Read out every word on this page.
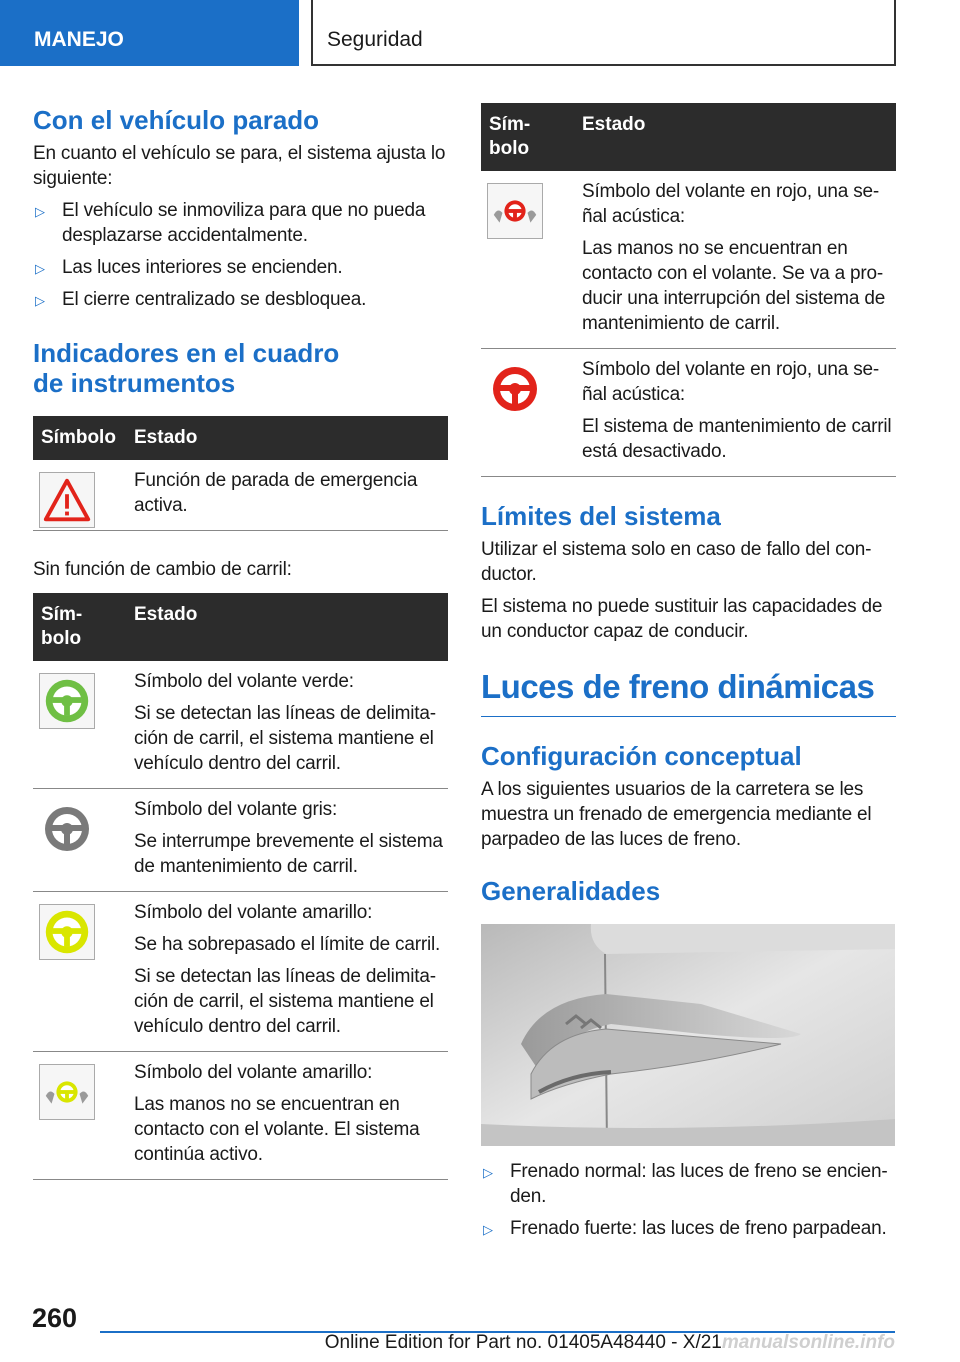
MANEJO	Seguridad
Con el vehículo parado

En cuanto el vehículo se para, el sistema ajusta lo siguiente:

▷ El vehículo se inmoviliza para que no pueda desplazarse accidentalmente.
▷ Las luces interiores se encienden.
▷ El cierre centralizado se desbloquea.
Indicadores en el cuadro
de instrumentos
Símbolo	Estado

Función de parada de emergencia activa.

Sin función de cambio de carril:

Sím-
bolo	Estado

Símbolo del volante verde:

Si se detectan las líneas de delimitación de carril, el sistema mantiene el vehículo dentro del carril.

Símbolo del volante gris:

Se interrumpe brevemente el sistema de mantenimiento de carril.

Símbolo del volante amarillo:

Se ha sobrepasado el límite de carril.

Si se detectan las líneas de delimitación de carril, el sistema mantiene el vehículo dentro del carril.

Símbolo del volante amarillo:

Las manos no se encuentran en contacto con el volante. El sistema continúa activo.

Sím-
bolo	Estado

Símbolo del volante en rojo, una señal acústica:

Las manos no se encuentran en contacto con el volante. Se va a producir una interrupción del sistema de mantenimiento de carril.

Símbolo del volante en rojo, una señal acústica:

El sistema de mantenimiento de carril está desactivado.

Límites del sistema

Utilizar el sistema solo en caso de fallo del conductor.

El sistema no puede sustituir las capacidades de un conductor capaz de conducir.

Luces de freno dinámicas
Configuración conceptual

A los siguientes usuarios de la carretera se les muestra un frenado de emergencia mediante el parpadeo de las luces de freno.

Generalidades
▷ Frenado normal: las luces de freno se encienden.
▷ Frenado fuerte: las luces de freno parpadean.
260
Online Edition for Part no. 01405A48440 - X/21manualsonline.info
